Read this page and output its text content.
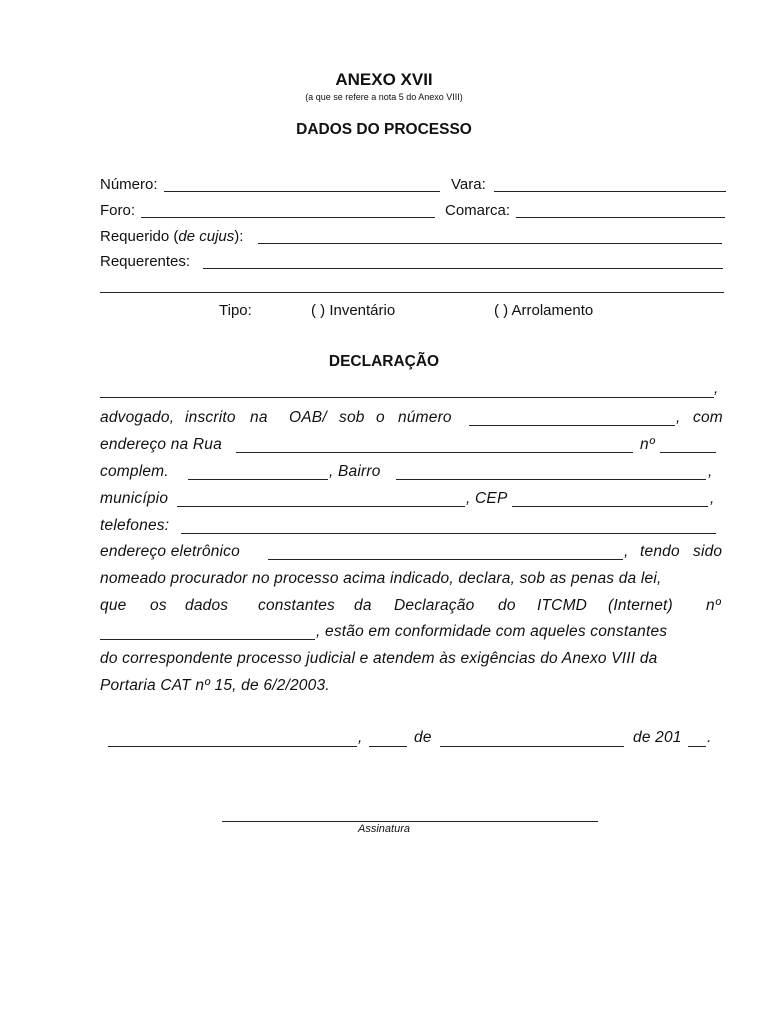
ANEXO XVII
(a que se refere a nota 5 do Anexo VIII)
DADOS DO PROCESSO
Número:	Vara:
Foro:	Comarca:
Requerido (de cujus):
Requerentes:
Tipo:	( ) Inventário	( ) Arrolamento
DECLARAÇÃO
,
advogado, inscrito na OAB/ sob o número	, com
endereço na Rua	nº
complem.	, Bairro	,
município	, CEP	,
telefones:
endereço eletrônico	, tendo sido
nomeado procurador no processo acima indicado, declara, sob as penas da lei,
que os dados constantes da Declaração do ITCMD (Internet) nº
, estão em conformidade com aqueles constantes
do correspondente processo judicial e atendem às exigências do Anexo VIII da
Portaria CAT nº 15, de 6/2/2003.
,	de	de 201 .
Assinatura
